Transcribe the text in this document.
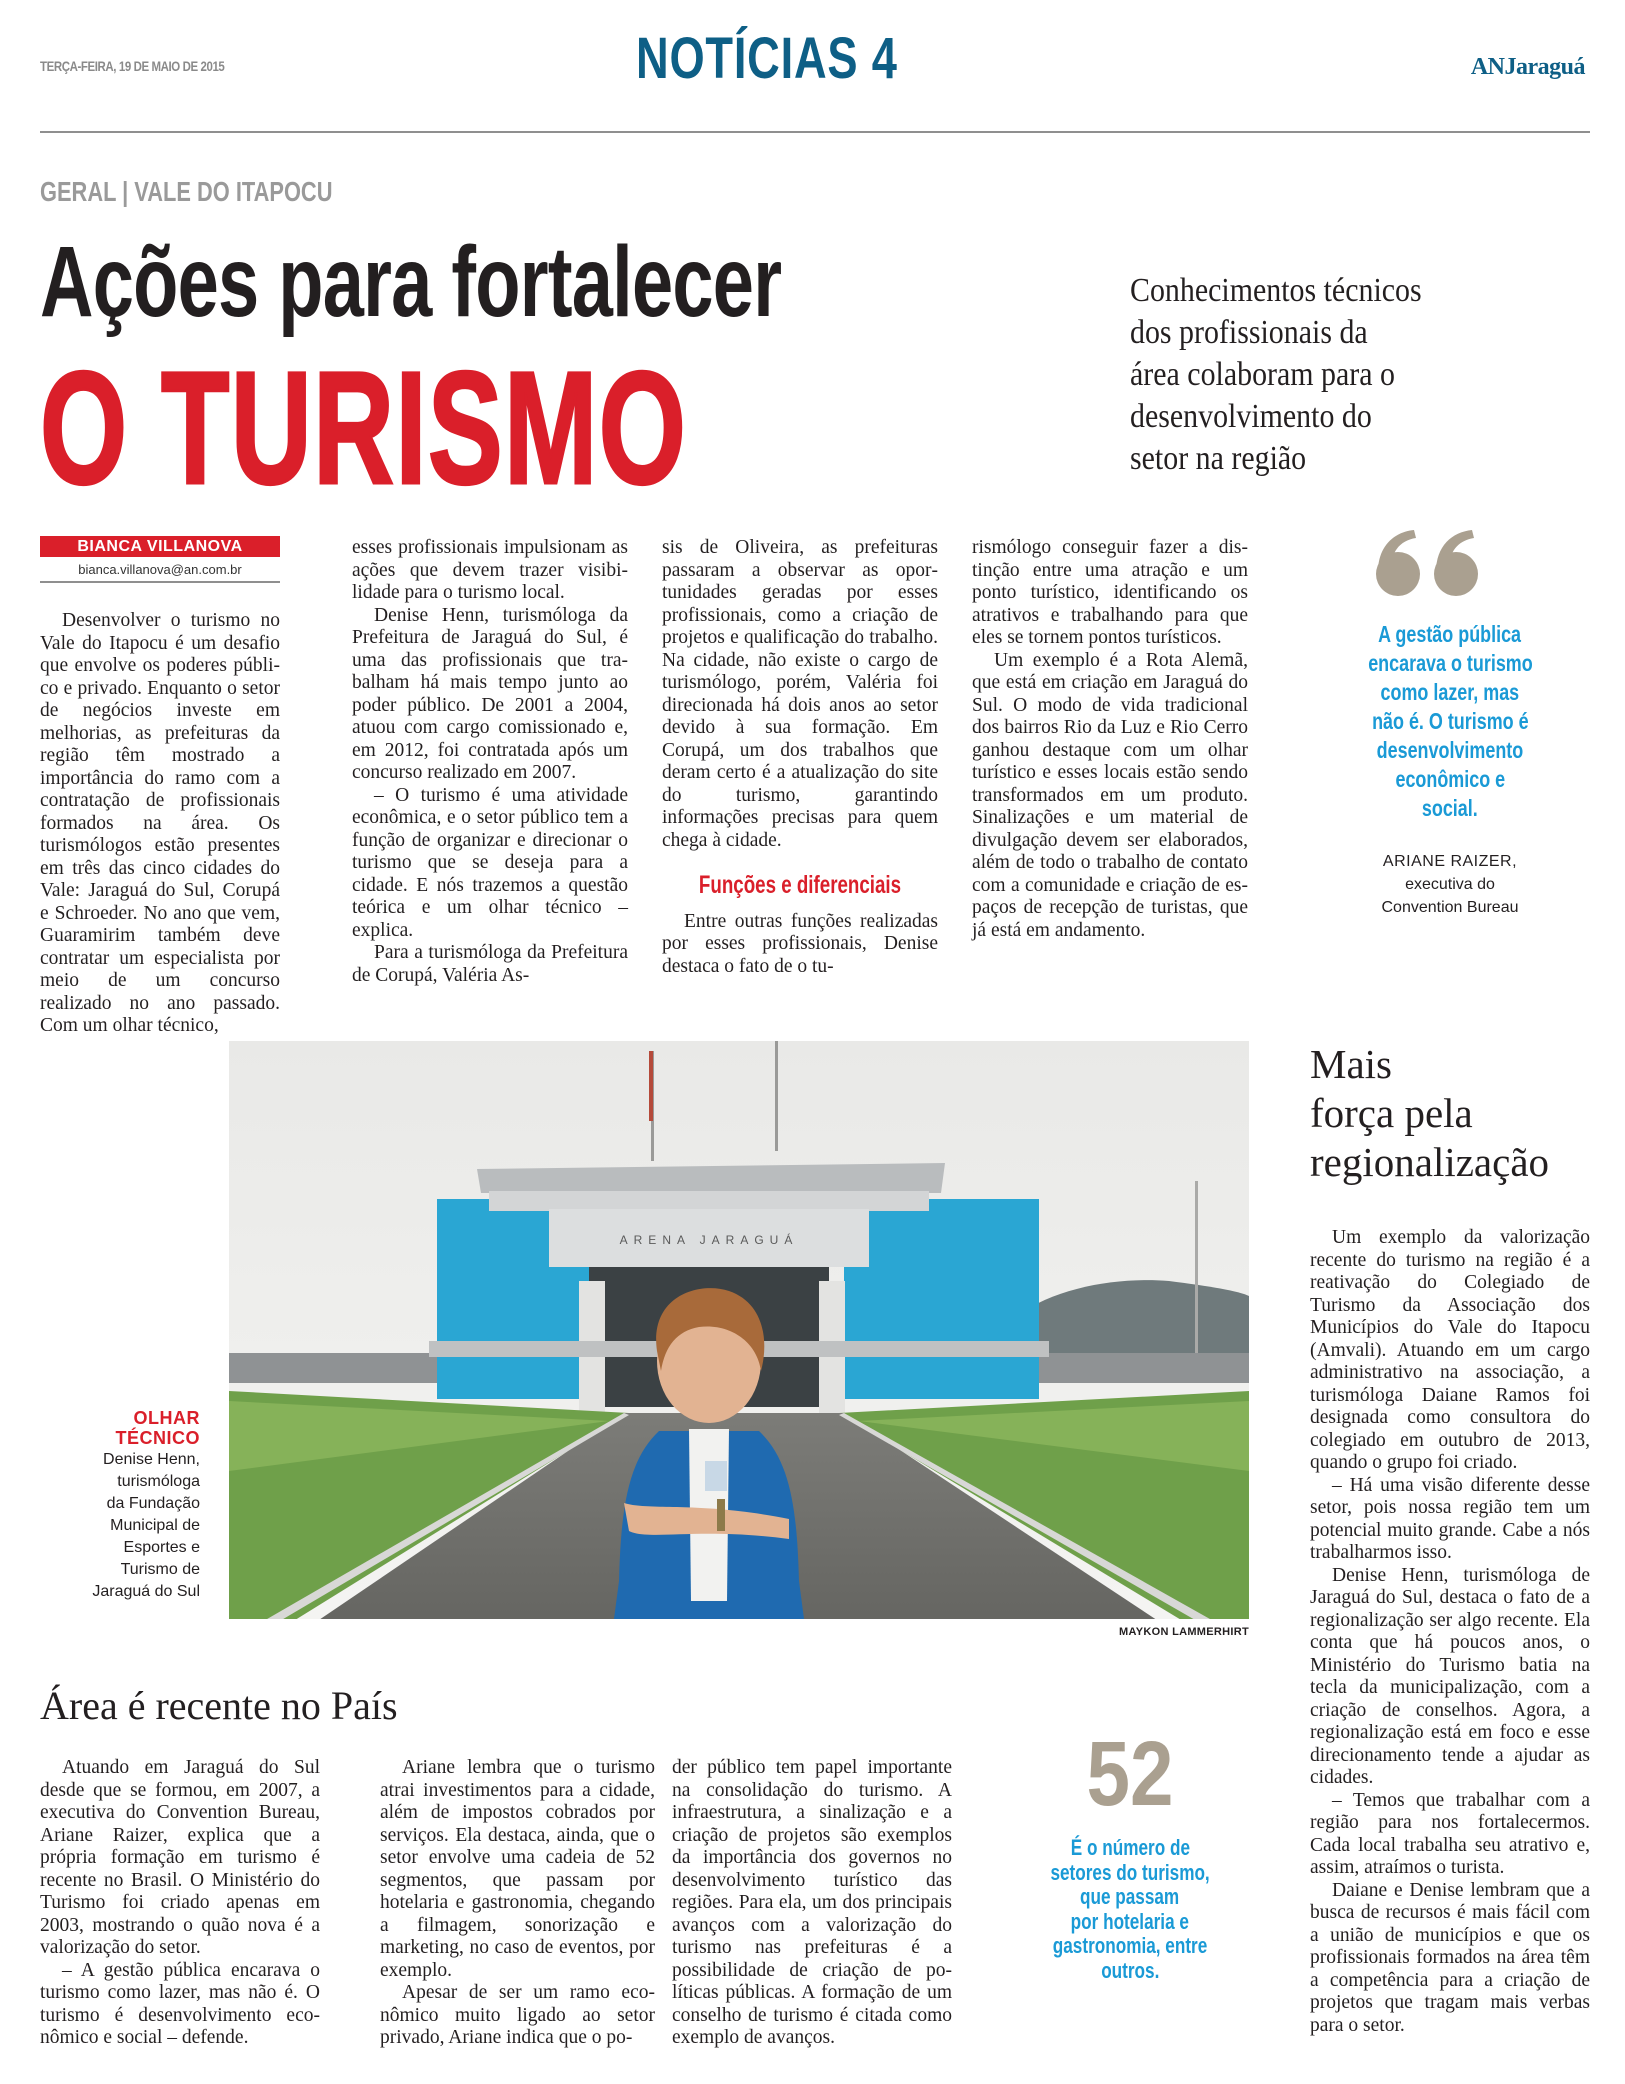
TERÇA-FEIRA, 19 DE MAIO DE 2015	NOTÍCIAS 4	ANJaraguá
GERAL | VALE DO ITAPOCU
Ações para fortalecer
O TURISMO
Conhecimentos técnicos
dos profissionais da
área colaboram para o
desenvolvimento do
setor na região
BIANCA VILLANOVA
bianca.villanova@an.com.br

Desenvolver o turismo no Vale do Itapocu é um desafio que envolve os poderes público e privado. Enquanto o setor de negócios investe em melhorias, as prefeituras da região têm mostrado a importância do ramo com a contratação de profissionais formados na área. Os turismólogos estão presentes em três das cinco cidades do Vale: Jaraguá do Sul, Corupá e Schroeder. No ano que vem, Guaramirim também deve contratar um especialista por meio de um concurso realizado no ano passado. Com um olhar técnico,

esses profissionais impulsionam as ações que devem trazer visibilidade para o turismo local.

Denise Henn, turismóloga da Prefeitura de Jaraguá do Sul, é uma das profissionais que trabalham há mais tempo junto ao poder público. De 2001 a 2004, atuou com cargo comissionado e, em 2012, foi contratada após um concurso realizado em 2007.

– O turismo é uma atividade econômica, e o setor público tem a função de organizar e direcionar o turismo que se deseja para a cidade. E nós trazemos a questão teórica e um olhar técnico – explica.

Para a turismóloga da Prefeitura de Corupá, Valéria As-

sis de Oliveira, as prefeituras passaram a observar as oportunidades geradas por esses profissionais, como a criação de projetos e qualificação do trabalho. Na cidade, não existe o cargo de turismólogo, porém, Valéria foi direcionada há dois anos ao setor devido à sua formação. Em Corupá, um dos trabalhos que deram certo é a atualização do site do turismo, garantindo informações precisas para quem chega à cidade.

Funções e diferenciais

Entre outras funções realizadas por esses profissionais, Denise destaca o fato de o tu-

rismólogo conseguir fazer a distinção entre uma atração e um ponto turístico, identificando os atrativos e trabalhando para que eles se tornem pontos turísticos.

Um exemplo é a Rota Alemã, que está em criação em Jaraguá do Sul. O modo de vida tradicional dos bairros Rio da Luz e Rio Cerro ganhou destaque com um olhar turístico e esses locais estão sendo transformados em um produto. Sinalizações e um material de divulgação devem ser elaborados, além de todo o trabalho de contato com a comunidade e criação de espaços de recepção de turistas, que já está em andamento.

A gestão pública
encarava o turismo
como lazer, mas
não é. O turismo é
desenvolvimento
econômico e
social.
ARIANE RAIZER,
executiva do
Convention Bureau
ARENA JARAGUÁ
MAYKON LAMMERHIRT
OLHAR
TÉCNICO
Denise Henn,
turismóloga
da Fundação
Municipal de
Esportes e
Turismo de
Jaraguá do Sul
Mais
força pela
regionalização

Um exemplo da valorização recente do turismo na região é a reativação do Colegiado de Turismo da Associação dos Municípios do Vale do Itapocu (Amvali). Atuando em um cargo administrativo na associação, a turismóloga Daiane Ramos foi designada como consultora do colegiado em outubro de 2013, quando o grupo foi criado.

– Há uma visão diferente desse setor, pois nossa região tem um potencial muito grande. Cabe a nós trabalharmos isso.

Denise Henn, turismóloga de Jaraguá do Sul, destaca o fato de a regionalização ser algo recente. Ela conta que há poucos anos, o Ministério do Turismo batia na tecla da municipalização, com a criação de conselhos. Agora, a regionalização está em foco e esse direcionamento tende a ajudar as cidades.

– Temos que trabalhar com a região para nos fortalecermos. Cada local trabalha seu atrativo e, assim, atraímos o turista.

Daiane e Denise lembram que a busca de recursos é mais fácil com a união de municípios e que os profissionais formados na área têm a competência para a criação de projetos que tragam mais verbas para o setor.

Área é recente no País

Atuando em Jaraguá do Sul desde que se formou, em 2007, a executiva do Convention Bureau, Ariane Raizer, explica que a própria formação em turismo é recente no Brasil. O Ministério do Turismo foi criado apenas em 2003, mostrando o quão nova é a valorização do setor.

– A gestão pública encarava o turismo como lazer, mas não é. O turismo é desenvolvimento econômico e social – defende.

Ariane lembra que o turismo atrai investimentos para a cidade, além de impostos cobrados por serviços. Ela destaca, ainda, que o setor envolve uma cadeia de 52 segmentos, que passam por hotelaria e gastronomia, chegando a filmagem, sonorização e marketing, no caso de eventos, por exemplo.

Apesar de ser um ramo econômico muito ligado ao setor privado, Ariane indica que o po-

der público tem papel importante na consolidação do turismo. A infraestrutura, a sinalização e a criação de projetos são exemplos da importância dos governos no desenvolvimento turístico das regiões. Para ela, um dos principais avanços com a valorização do turismo nas prefeituras é a possibilidade de criação de políticas públicas. A formação de um conselho de turismo é citada como exemplo de avanços.

52
É o número de
setores do turismo,
que passam
por hotelaria e
gastronomia, entre
outros.
